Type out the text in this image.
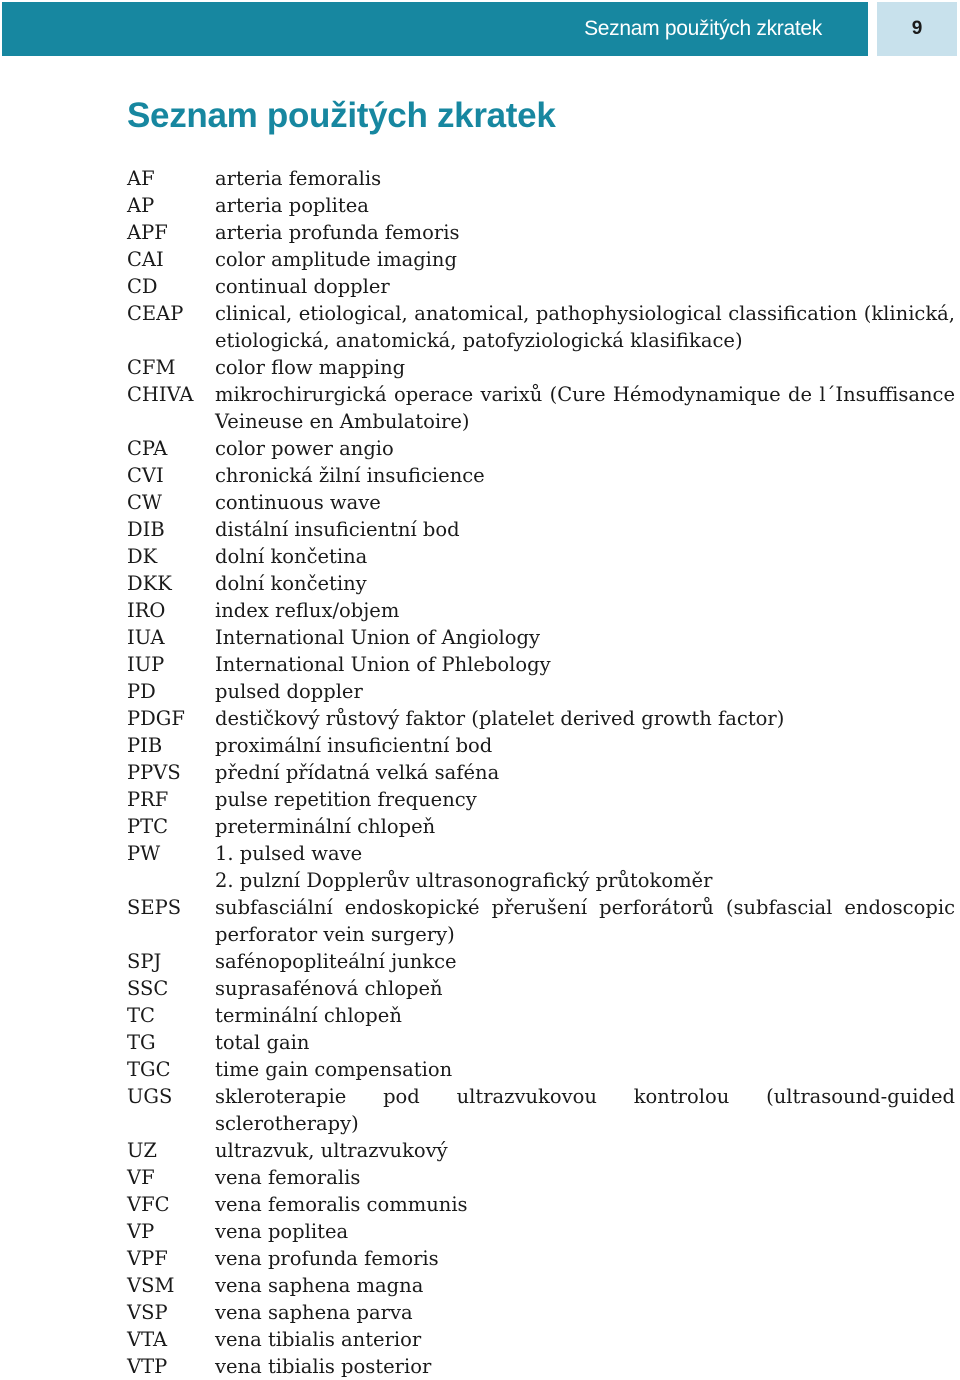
Seznam použitých zkratek	9
Seznam použitých zkratek
AF	arteria femoralis
AP	arteria poplitea
APF	arteria profunda femoris
CAI	color amplitude imaging
CD	continual doppler
CEAP	clinical, etiological, anatomical, pathophysiological classification (klinická, etiologická, anatomická, patofyziologická klasifikace)
CFM	color flow mapping
CHIVA	mikrochirurgická operace varixů (Cure Hémodynamique de l´Insuffisance Veineuse en Ambulatoire)
CPA	color power angio
CVI	chronická žilní insuficience
CW	continuous wave
DIB	distální insuficientní bod
DK	dolní končetina
DKK	dolní končetiny
IRO	index reflux/objem
IUA	International Union of Angiology
IUP	International Union of Phlebology
PD	pulsed doppler
PDGF	destičkový růstový faktor (platelet derived growth factor)
PIB	proximální insuficientní bod
PPVS	přední přídatná velká saféna
PRF	pulse repetition frequency
PTC	preterminální chlopeň
PW	1. pulsed wave
2. pulzní Dopplerův ultrasonografický průtokoměr
SEPS	subfasciální endoskopické přerušení perforátorů (subfascial endoscopic perforator vein surgery)
SPJ	safénopopliteální junkce
SSC	suprasafénová chlopeň
TC	terminální chlopeň
TG	total gain
TGC	time gain compensation
UGS	skleroterapie pod ultrazvukovou kontrolou (ultrasound-guided sclerotherapy)
UZ	ultrazvuk, ultrazvukový
VF	vena femoralis
VFC	vena femoralis communis
VP	vena poplitea
VPF	vena profunda femoris
VSM	vena saphena magna
VSP	vena saphena parva
VTA	vena tibialis anterior
VTP	vena tibialis posterior
